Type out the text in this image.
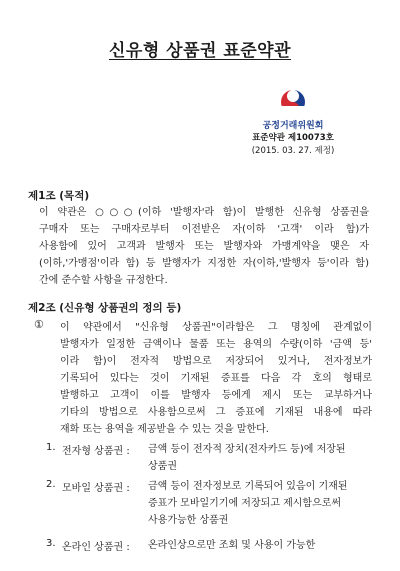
신유형 상품권 표준약관
공정거래위원회
표준약관 제10073호
(2015. 03. 27. 제정)
제1조 (목적)
이 약관은 ○○○(이하 '발행자'라 함)이 발행한 신유형 상품권을
구매자 또는 구매자로부터 이전받은 자(이하 '고객' 이라 함)가
사용함에 있어 고객과 발행자 또는 발행자와 가맹계약을 맺은 자
(이하,'가맹점'이라 함) 등 발행자가 지정한 자(이하,'발행자 등'이라 함)
간에 준수할 사항을 규정한다.
제2조 (신유형 상품권의 정의 등)
① 이 약관에서 "신유형 상품권"이라함은 그 명칭에 관계없이
발행자가 일정한 금액이나 물품 또는 용역의 수량(이하 '금액 등'
이라 함)이 전자적 방법으로 저장되어 있거나, 전자정보가
기록되어 있다는 것이 기재된 증표를 다음 각 호의 형태로
발행하고 고객이 이를 발행자 등에게 제시 또는 교부하거나
기타의 방법으로 사용함으로써 그 증표에 기재된 내용에 따라
재화 또는 용역을 제공받을 수 있는 것을 말한다.
1. 전자형 상품권 : 금액 등이 전자적 장치(전자카드 등)에 저장된
상품권
2. 모바일 상품권 : 금액 등이 전자정보로 기록되어 있음이 기재된
증표가 모바일기기에 저장되고 제시함으로써
사용가능한 상품권
3. 온라인 상품권 : 온라인상으로만 조회 및 사용이 가능한
